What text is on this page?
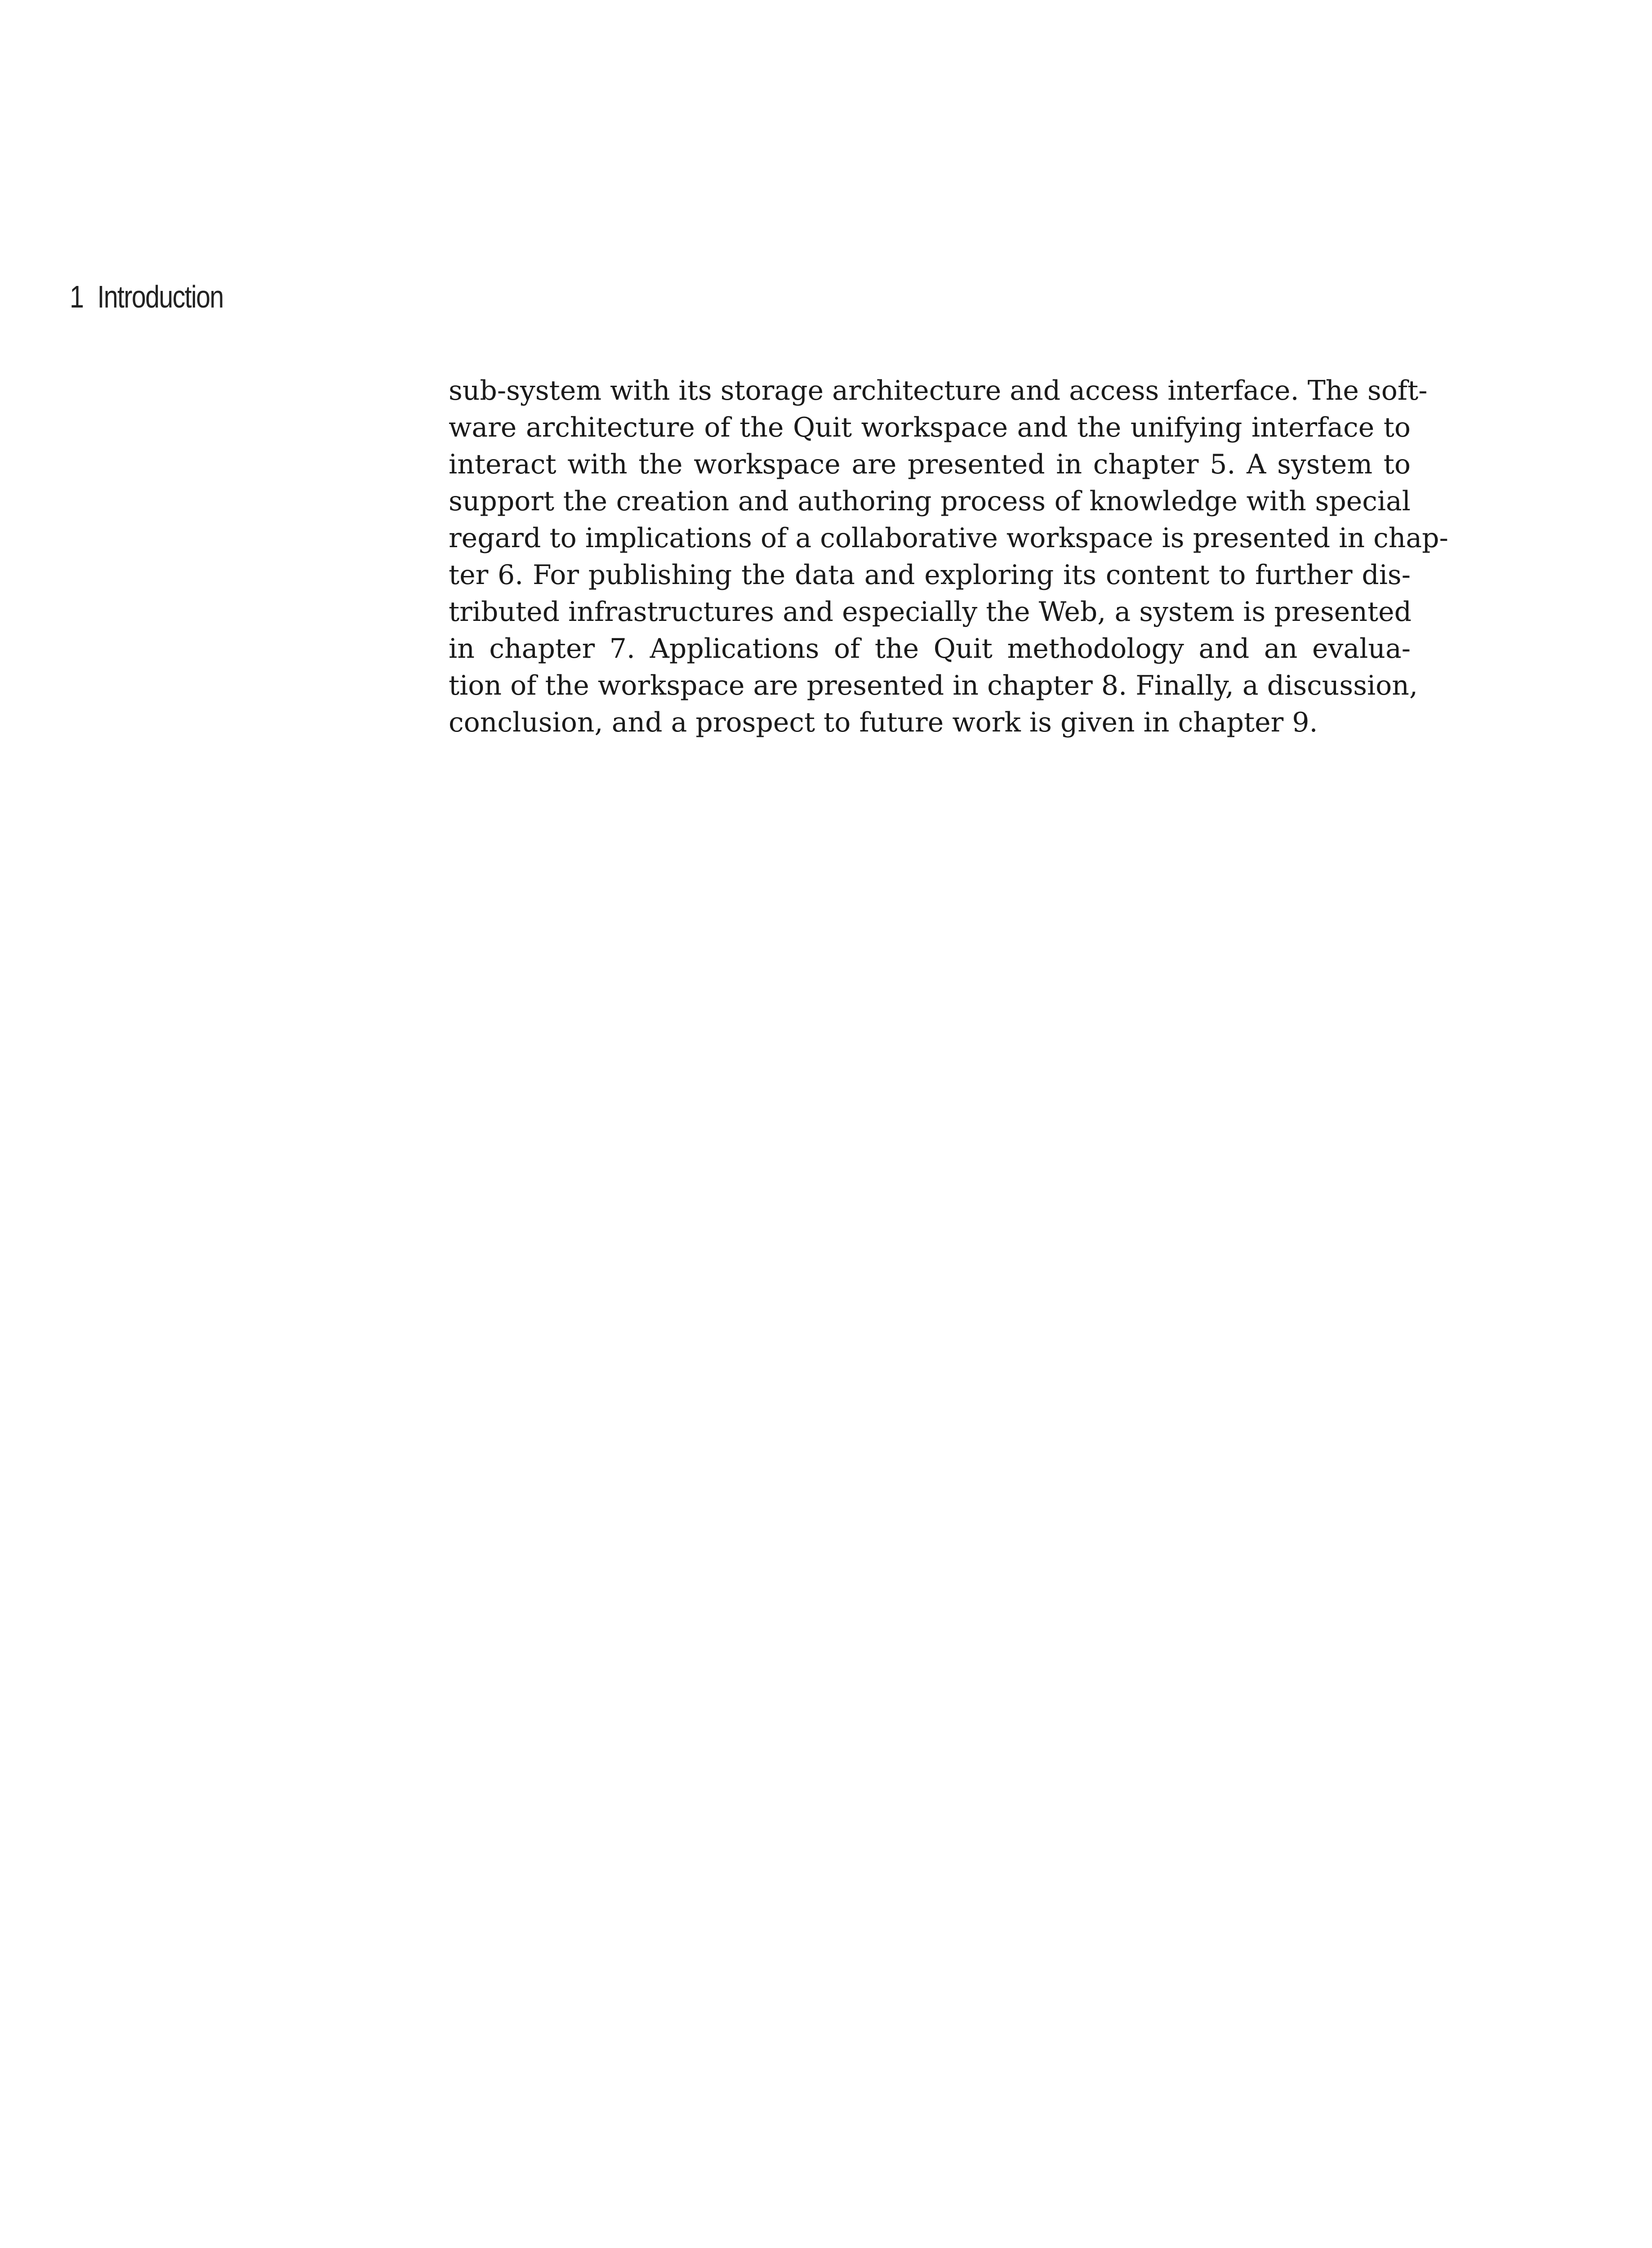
1 Introduction
sub-system with its storage architecture and access interface. The soft-
ware architecture of the Quit workspace and the unifying interface to
interact with the workspace are presented in chapter 5. A system to
support the creation and authoring process of knowledge with special
regard to implications of a collaborative workspace is presented in chap-
ter 6. For publishing the data and exploring its content to further dis-
tributed infrastructures and especially the Web, a system is presented
in chapter 7. Applications of the Quit methodology and an evalua-
tion of the workspace are presented in chapter 8. Finally, a discussion,
conclusion, and a prospect to future work is given in chapter 9.
